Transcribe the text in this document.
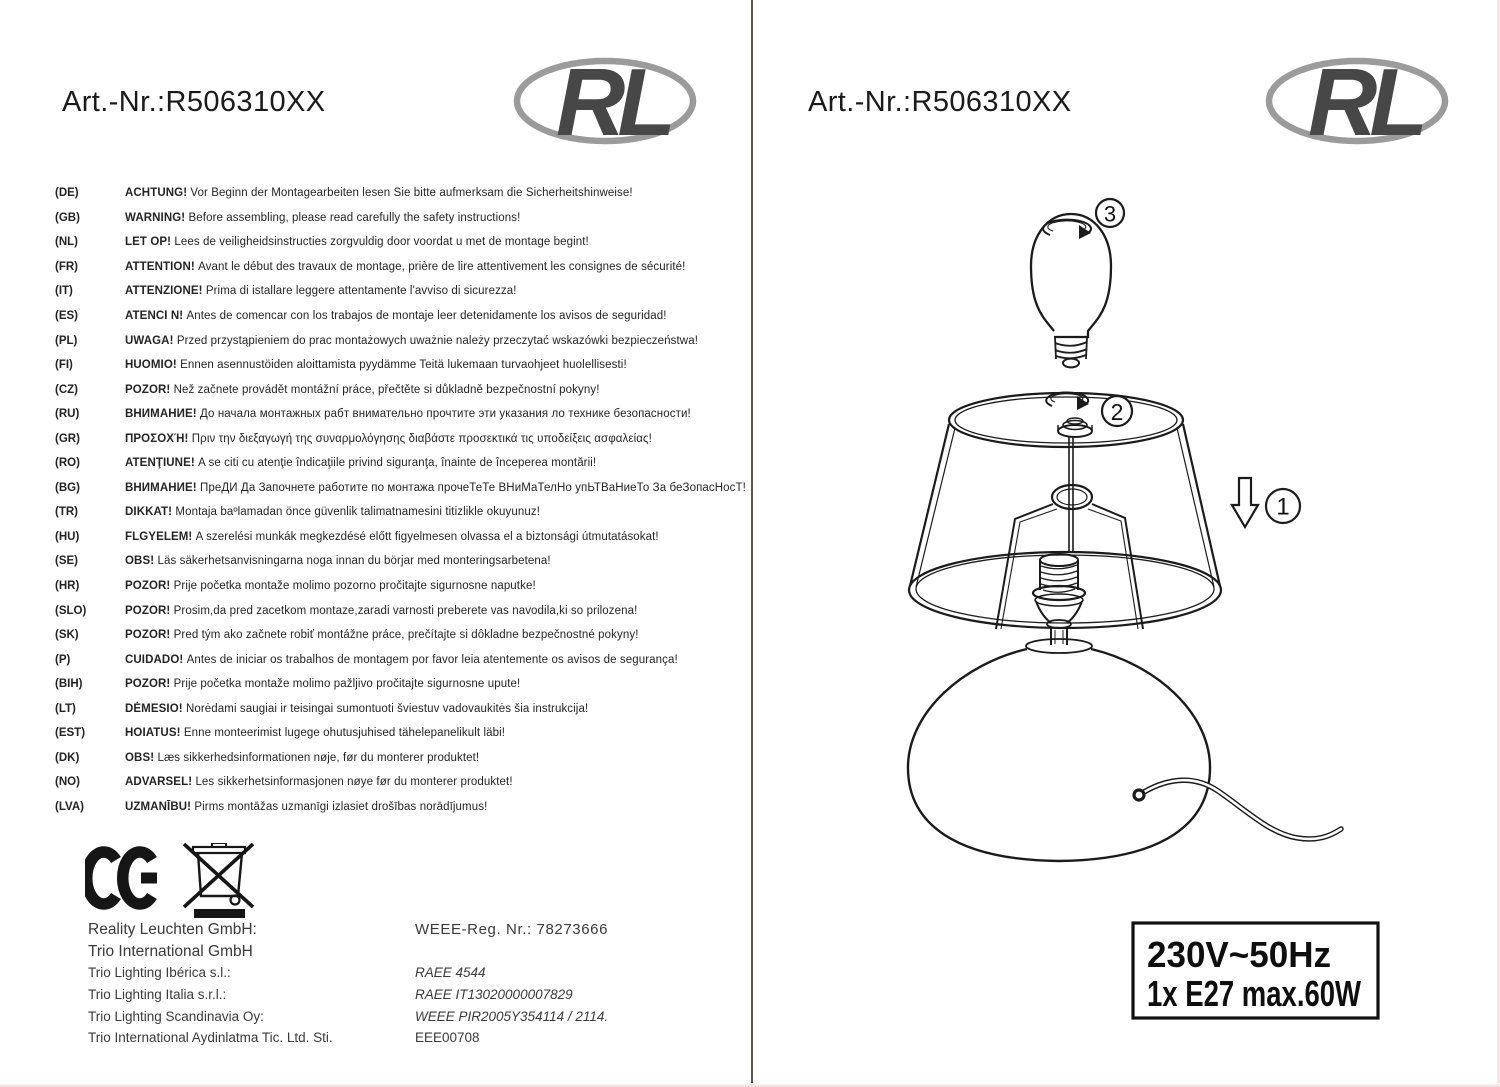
Art.-Nr.:R506310XX RL
(DE)	ACHTUNG! Vor Beginn der Montagearbeiten lesen Sie bitte aufmerksam die Sicherheitshinweise!
(GB)	WARNING! Before assembling, please read carefully the safety instructions!
(NL)	LET OP! Lees de veiligheidsinstructies zorgvuldig door voordat u met de montage begint!
(FR)	ATTENTION! Avant le début des travaux de montage, prière de lire attentivement les consignes de sécurité!
(IT)	ATTENZIONE! Prima di istallare leggere attentamente l'avviso di sicurezza!
(ES)	ATENCI N! Antes de comencar con los trabajos de montaje leer detenidamente los avisos de seguridad!
(PL)	UWAGA! Przed przystąpieniem do prac montażowych uważnie należy przeczytać wskazówki bezpieczeństwa!
(FI)	HUOMIO! Ennen asennustöiden aloittamista pyydämme Teitä lukemaan turvaohjeet huolellisesti!
(CZ)	POZOR! Než začnete provádět montážní práce, přečtěte si důkladně bezpečnostní pokyny!
(RU)	ВНИМАНИЕ! До начала монтажных рабт внимательно прочтите эти указания ло технике безопасности!
(GR)	ΠΡΟΣΟΧΉ! Πριν την διεξαγωγή της συναρμολόγησης διαβάστε προσεκτικά τις υποδείξεις ασφαλείας!
(RO)	ATENŢIUNE! A se citi cu atenţie îndicaţiile privind siguranţa, înainte de începerea montării!
(BG)	ВНИМАНИЕ! ПреДИ Да Започнете работите по монтажа прочеТеТе ВНиМаТелНо упЬТВаНиеТо За беЗопасНосТ!
(TR)	DIKKAT! Montaja baºlamadan önce güvenlik talimatnamesini titizlikle okuyunuz!
(HU)	FLGYELEM! A szerelési munkák megkezdésé előtt figyelmesen olvassa el a biztonsági útmutatásokat!
(SE)	OBS! Läs säkerhetsanvisningarna noga innan du börjar med monteringsarbetena!
(HR)	POZOR! Prije početka montaže molimo pozorno pročitajte sigurnosne naputke!
(SLO)	POZOR! Prosim,da pred zacetkom montaze,zaradi varnosti preberete vas navodila,ki so prilozena!
(SK)	POZOR! Pred tým ako začnete robiť montážne práce, prečítajte si dôkladne bezpečnostné pokyny!
(P)	CUIDADO! Antes de iniciar os trabalhos de montagem por favor leia atentemente os avisos de segurança!
(BIH)	POZOR! Prije početka montaže molimo pažljivo pročitajte sigurnosne upute!
(LT)	DĖMESIO! Norėdami saugiai ir teisingai sumontuoti šviestuv vadovaukitės šia instrukcija!
(EST)	HOIATUS! Enne monteerimist lugege ohutusjuhised tähelepanelikult läbi!
(DK)	OBS! Læs sikkerhedsinformationen nøje, før du monterer produktet!
(NO)	ADVARSEL! Les sikkerhetsinformasjonen nøye før du monterer produktet!
(LVA)	UZMANĪBU! Pirms montāžas uzmanīgi izlasiet drošības norādījumus!
Reality Leuchten GmbH:	WEEE-Reg. Nr.: 78273666
Trio International GmbH
Trio Lighting Ibérica s.l.:	RAEE 4544
Trio Lighting Italia s.r.l.:	RAEE IT13020000007829
Trio Lighting Scandinavia Oy:	WEEE PIR2005Y354114 / 2114.
Trio International Aydinlatma Tic. Ltd. Sti.	EEE00708
Art.-Nr.:R506310XX RL
3
2
1
230V~50Hz
1x E27 max.60W
